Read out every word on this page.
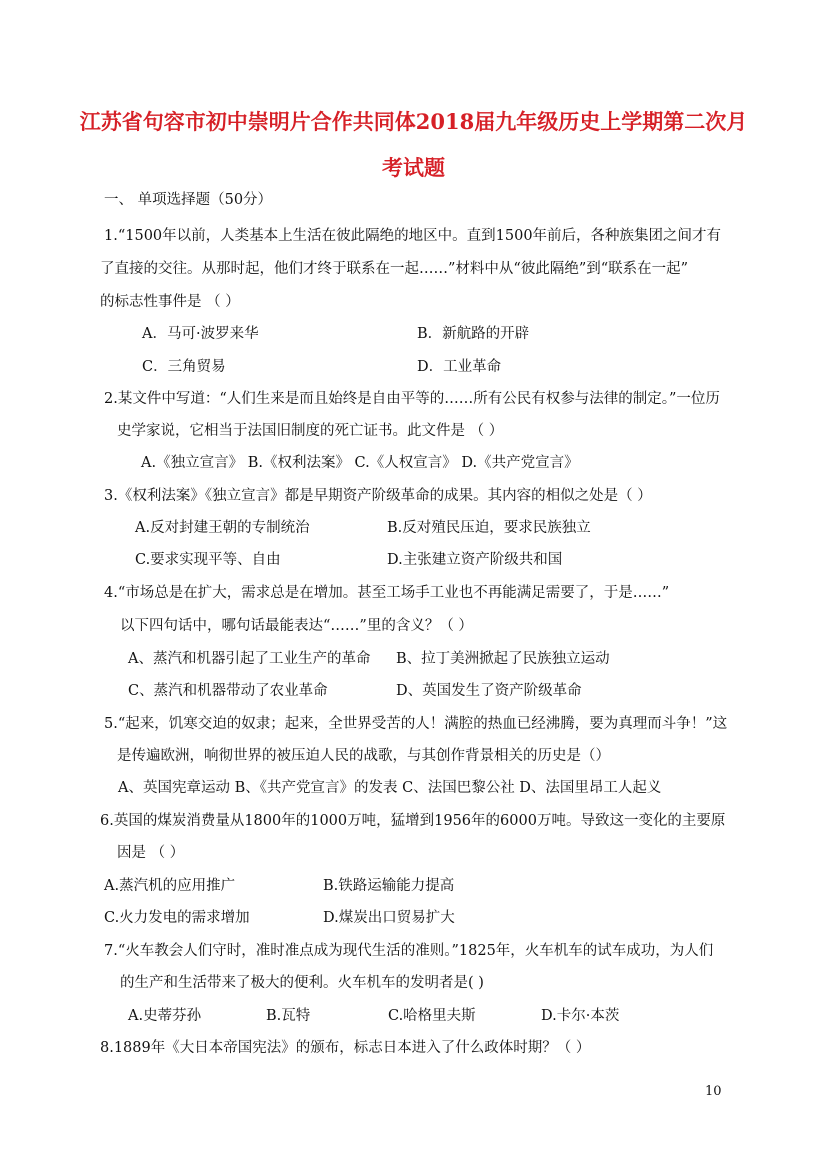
江苏省句容市初中崇明片合作共同体2018届九年级历史上学期第二次月
考试题
一、 单项选择题（50分）
1.“1500年以前，人类基本上生活在彼此隔绝的地区中。直到1500年前后，各种族集团之间才有
了直接的交往。从那时起，他们才终于联系在一起……”材料中从“彼此隔绝”到“联系在一起”
的标志性事件是 （ ）
A．马可·波罗来华	B．新航路的开辟
C．三角贸易	D．工业革命
2.某文件中写道：“人们生来是而且始终是自由平等的……所有公民有权参与法律的制定。”一位历
史学家说，它相当于法国旧制度的死亡证书。此文件是 （ ）
A.《独立宣言》 B.《权利法案》 C.《人权宣言》 D.《共产党宣言》
3.《权利法案》《独立宣言》都是早期资产阶级革命的成果。其内容的相似之处是（ ）
A.反对封建王朝的专制统治	B.反对殖民压迫，要求民族独立
C.要求实现平等、自由	D.主张建立资产阶级共和国
4.“市场总是在扩大，需求总是在增加。甚至工场手工业也不再能满足需要了，于是……”
以下四句话中，哪句话最能表达“……”里的含义？（ ）
A、蒸汽和机器引起了工业生产的革命 B、拉丁美洲掀起了民族独立运动
C、蒸汽和机器带动了农业革命	D、英国发生了资产阶级革命
5.“起来，饥寒交迫的奴隶；起来，全世界受苦的人！满腔的热血已经沸腾，要为真理而斗争！”这
是传遍欧洲，响彻世界的被压迫人民的战歌，与其创作背景相关的历史是（）
A、英国宪章运动 B、《共产党宣言》的发表 C、法国巴黎公社 D、法国里昂工人起义
6.英国的煤炭消费量从1800年的1000万吨，猛增到1956年的6000万吨。导致这一变化的主要原
因是 （ ）
A.蒸汽机的应用推广	B.铁路运输能力提高
C.火力发电的需求增加	D.煤炭出口贸易扩大
7.“火车教会人们守时，准时准点成为现代生活的准则。”1825年，火车机车的试车成功，为人们
的生产和生活带来了极大的便利。火车机车的发明者是( )
A.史蒂芬孙	B.瓦特	C.哈格里夫斯	D.卡尔·本茨
8.1889年《大日本帝国宪法》的颁布，标志日本进入了什么政体时期？（ ）
10
